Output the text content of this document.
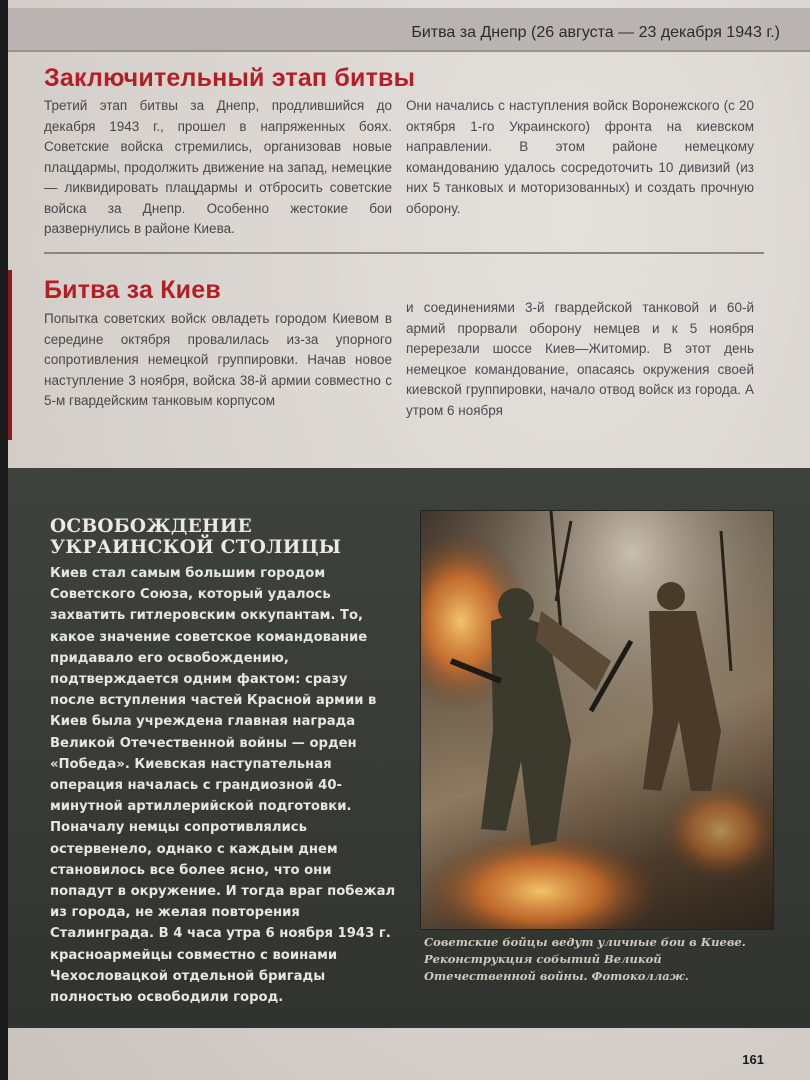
Битва за Днепр (26 августа — 23 декабря 1943 г.)
Заключительный этап битвы

Третий этап битвы за Днепр, продлившийся до декабря 1943 г., прошел в напряженных боях. Советские войска стремились, организовав новые плацдармы, продолжить движение на запад, немецкие — ликвидировать плацдармы и отбросить советские войска за Днепр. Особенно жестокие бои развернулись в районе Киева.

Они начались с наступления войск Воронежского (с 20 октября 1-го Украинского) фронта на киевском направлении. В этом районе немецкому командованию удалось сосредоточить 10 дивизий (из них 5 танковых и моторизованных) и создать прочную оборону.

Битва за Киев

Попытка советских войск овладеть городом Киевом в середине октября провалилась из-за упорного сопротивления немецкой группировки. Начав новое наступление 3 ноября, войска 38-й армии совместно с 5-м гвардейским танковым корпусом

и соединениями 3-й гвардейской танковой и 60-й армий прорвали оборону немцев и к 5 ноября перерезали шоссе Киев—Житомир. В этот день немецкое командование, опасаясь окружения своей киевской группировки, начало отвод войск из города. А утром 6 ноября

ОСВОБОЖДЕНИЕ
УКРАИНСКОЙ СТОЛИЦЫ

Киев стал самым большим городом Советского Союза, который удалось захватить гитлеровским оккупантам. То, какое значение советское командование придавало его освобождению, подтверждается одним фактом: сразу после вступления частей Красной армии в Киев была учреждена главная награда Великой Отечественной войны — орден «Победа». Киевская наступательная операция началась с грандиозной 40-минутной артиллерийской подготовки. Поначалу немцы сопротивлялись остервенело, однако с каждым днем становилось все более ясно, что они попадут в окружение. И тогда враг побежал из города, не желая повторения Сталинграда. В 4 часа утра 6 ноября 1943 г. красноармейцы совместно с воинами Чехословацкой отдельной бригады полностью освободили город.

Советские бойцы ведут уличные бои в Киеве. Реконструкция событий Великой Отечественной войны. Фотоколлаж.

161
